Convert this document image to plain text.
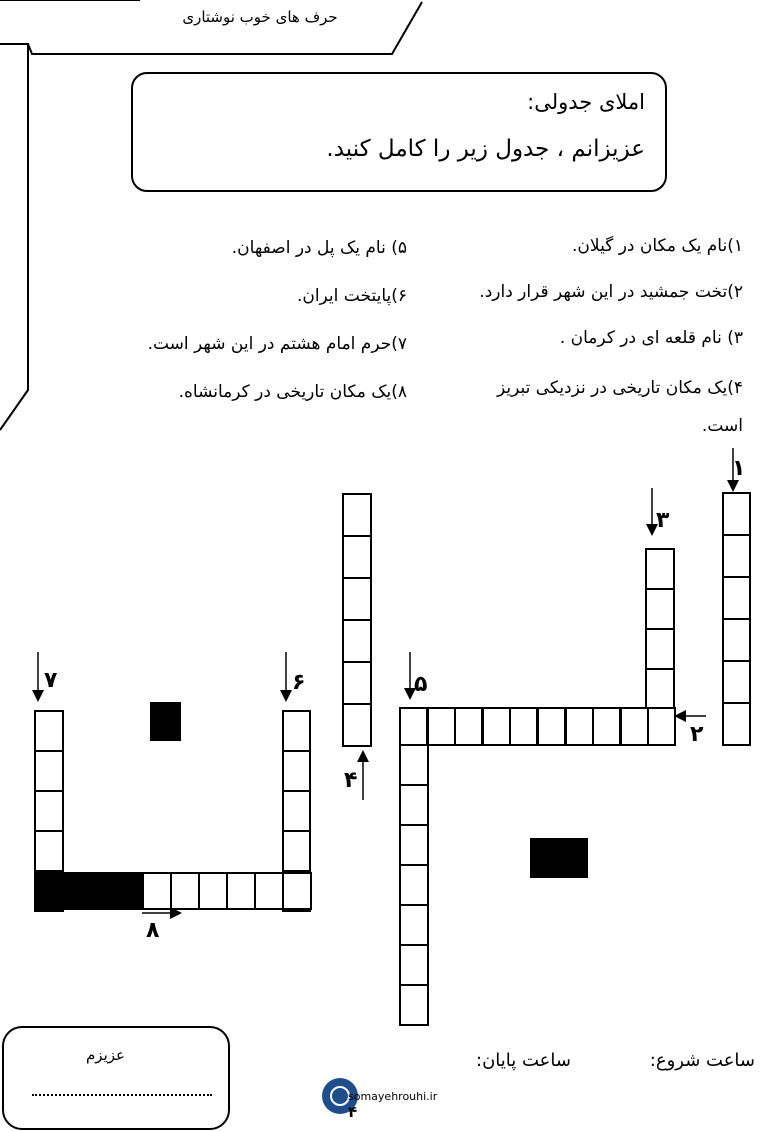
حرف های خوب نوشتاری
املای جدولی:
عزیزانم ، جدول زیر را کامل کنید.
۱)نام یک مکان در گیلان.
۲)تخت جمشید در این شهر قرار دارد.
۳) نام قلعه ای در کرمان .
۴)یک مکان تاریخی در نزدیکی تبریز
است.
۵) نام یک پل در اصفهان.
۶)پایتخت ایران.
۷)حرم امام هشتم در این شهر است.
۸)یک مکان تاریخی در کرمانشاه.
۱
۳
۲
۵
۴
۶
۷
۸
عزیزم	ساعت شروع:
ساعت پایان:
somayehrouhi.ir
۴
